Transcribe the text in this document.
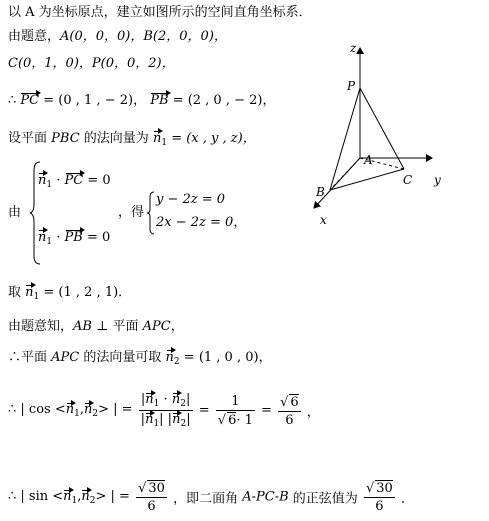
以 A 为坐标原点，建立如图所示的空间直角坐标系．
由题意，A(0，0，0)，B(2，0，0)，
C(0，1，0)，P(0，0，2)，
∴ PC = (0 , 1 , − 2)， PB = (2 , 0 , − 2)，
设平面 PBC 的法向量为 $n_1 = (x$ , y , z)，
由
$n_1$ · PC = 0
$n_1$ · PB = 0
，得
y − 2z = 0
2x − 2z = 0，
取 $n_1 = (1$ , 2 , 1)．
由题意知，AB ⊥ 平面 APC，
∴平面 APC 的法向量可取 $n_2 = (1$ , 0 , 0)，
∴ | $\cos <n_1,n_2>$ | = $\frac{|n_1 \cdot n_2|}{|n_1| |n_2|} = \frac{1}{√ 6\cdot 1} = \frac{√ 6}{6}$ ，
∴ | $\sin <n_1,n_2>$ | = $\frac{√ 30}{6}$ ，即二面角 A-PC-B 的正弦值为 $\frac{√ 30}{6}$ ．
z
y
x
P
A
B
C
